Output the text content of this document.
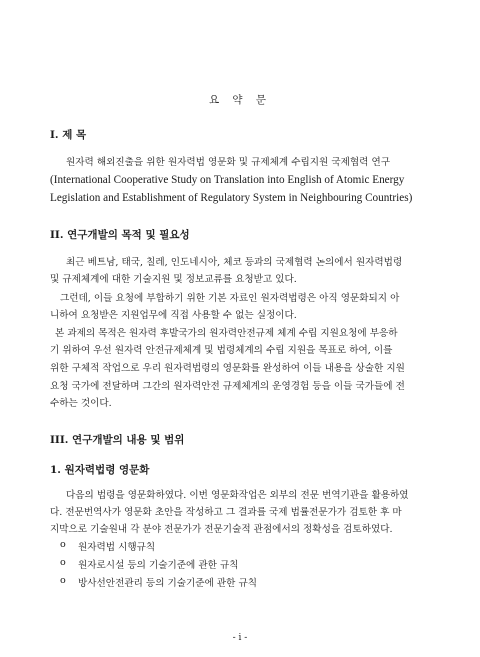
요 약 문
I. 제 목
원자력 해외진출을 위한 원자력법 영문화 및 규제체계 수립지원 국제협력 연구
(International Cooperative Study on Translation into English of Atomic Energy
Legislation and Establishment of Regulatory System in Neighbouring Countries)
II. 연구개발의 목적 및 필요성
최근 베트남, 태국, 칠레, 인도네시아, 체코 등과의 국제협력 논의에서 원자력법령
및 규제체계에 대한 기술지원 및 정보교류를 요청받고 있다.
그런데, 이들 요청에 부합하기 위한 기본 자료인 원자력법령은 아직 영문화되지 아
니하여 요청받은 지원업무에 직접 사용할 수 없는 실정이다.
본 과제의 목적은 원자력 후발국가의 원자력안전규제 체계 수립 지원요청에 부응하
기 위하여 우선 원자력 안전규제체계 및 법령체계의 수립 지원을 목표로 하여, 이를
위한 구체적 작업으로 우리 원자력법령의 영문화를 완성하여 이들 내용을 상술한 지원
요청 국가에 전달하며 그간의 원자력안전 규제체계의 운영경험 등을 이들 국가들에 전
수하는 것이다.
III. 연구개발의 내용 및 범위
1. 원자력법령 영문화
다음의 법령을 영문화하였다. 이번 영문화작업은 외부의 전문 번역기관을 활용하였
다. 전문번역사가 영문화 초안을 작성하고 그 결과를 국제 법률전문가가 검토한 후 마
지막으로 기술원내 각 분야 전문가가 전문기술적 관점에서의 정확성을 검토하였다.
o 원자력법 시행규칙
o 원자로시설 등의 기술기준에 관한 규칙
o 방사선안전관리 등의 기술기준에 관한 규칙
- i -
